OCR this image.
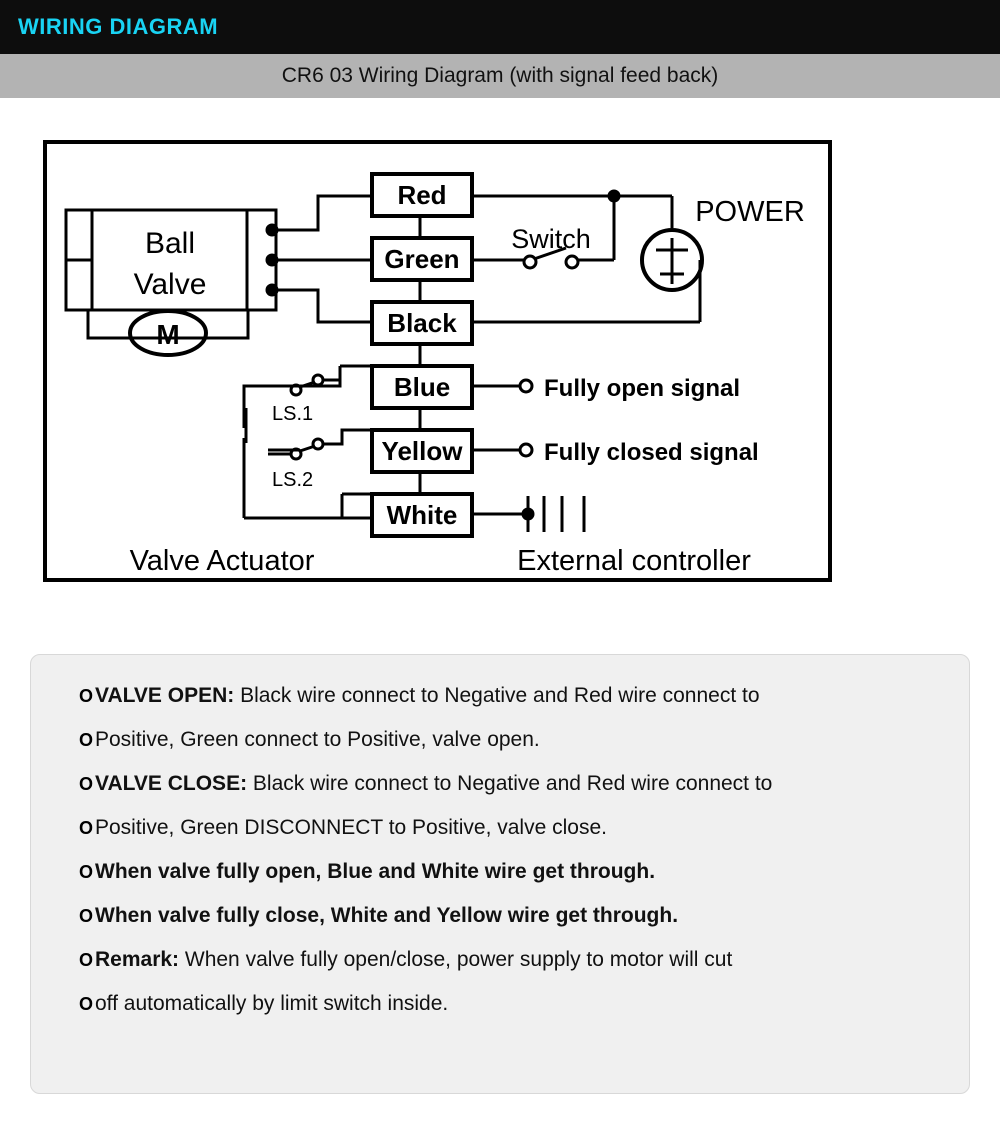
WIRING DIAGRAM
CR6 03 Wiring Diagram (with signal feed back)
Red
Green
Black
Blue
Yellow
White
Ball
Valve
M
Switch
POWER
Fully open signal
Fully closed signal
LS.1
LS.2
Valve Actuator	External controller
O VALVE OPEN: Black wire connect to Negative and Red wire connect to
O Positive, Green connect to Positive, valve open.
O VALVE CLOSE: Black wire connect to Negative and Red wire connect to
O Positive, Green DISCONNECT to Positive, valve close.
O When valve fully open, Blue and White wire get through.
O When valve fully close, White and Yellow wire get through.
O Remark: When valve fully open/close, power supply to motor will cut
O off automatically by limit switch inside.
